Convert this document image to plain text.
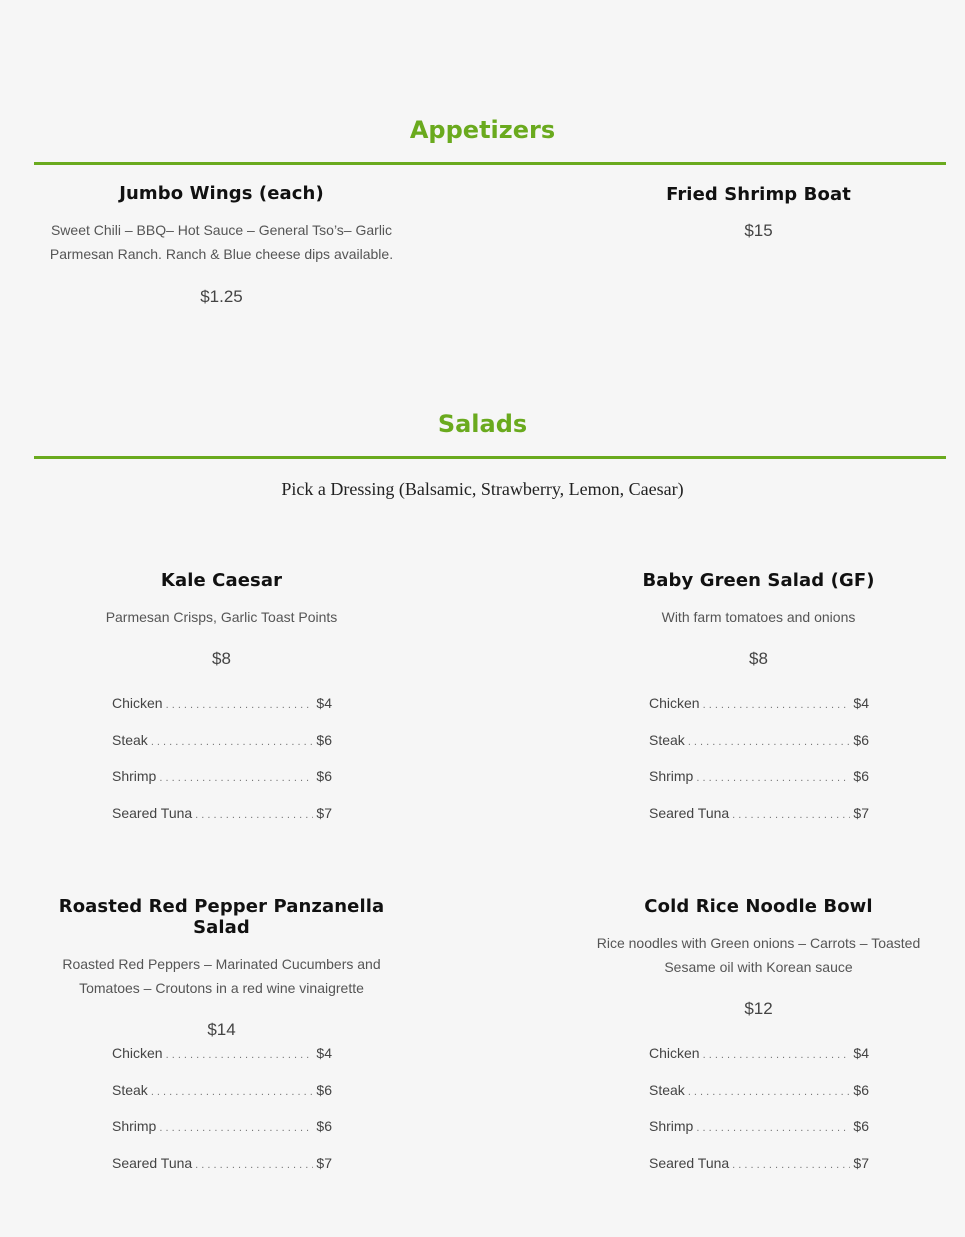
Appetizers

Jumbo Wings (each)

Sweet Chili – BBQ– Hot Sauce – General Tso’s– Garlic Parmesan Ranch. Ranch & Blue cheese dips available.

$1.25

Fried Shrimp Boat

$15

Salads
Pick a Dressing (Balsamic, Strawberry, Lemon, Caesar)

Kale Caesar

Parmesan Crisps, Garlic Toast Points

$8

Chicken . . .	$4
Steak . . .	$6
Shrimp . . .	$6
Seared Tuna . . .	$7

Baby Green Salad (GF)

With farm tomatoes and onions

$8

Chicken . . .	$4
Steak . . .	$6
Shrimp . . .	$6
Seared Tuna . . .	$7

Roasted Red Pepper Panzanella Salad

Roasted Red Peppers – Marinated Cucumbers and Tomatoes – Croutons in a red wine vinaigrette

$14

Chicken . . .	$4
Steak . . .	$6
Shrimp . . .	$6
Seared Tuna . . .	$7

Cold Rice Noodle Bowl

Rice noodles with Green onions – Carrots – Toasted Sesame oil with Korean sauce

$12

Chicken . . .	$4
Steak . . .	$6
Shrimp . . .	$6
Seared Tuna . . .	$7
